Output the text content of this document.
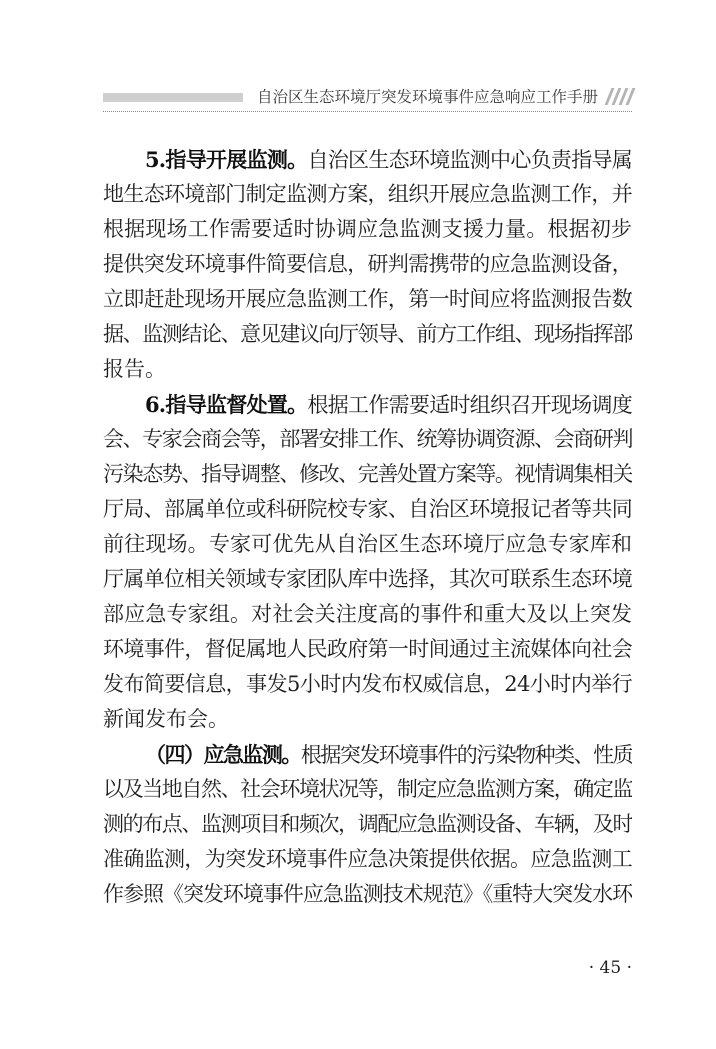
自治区生态环境厅突发环境事件应急响应工作手册
5.指导开展监测。自治区生态环境监测中心负责指导属
地生态环境部门制定监测方案，组织开展应急监测工作，并
根据现场工作需要适时协调应急监测支援力量。根据初步
提供突发环境事件简要信息，研判需携带的应急监测设备，
立即赶赴现场开展应急监测工作，第一时间应将监测报告数
据、监测结论、意见建议向厅领导、前方工作组、现场指挥部
报告。
6.指导监督处置。根据工作需要适时组织召开现场调度
会、专家会商会等，部署安排工作、统筹协调资源、会商研判
污染态势、指导调整、修改、完善处置方案等。视情调集相关
厅局、部属单位或科研院校专家、自治区环境报记者等共同
前往现场。专家可优先从自治区生态环境厅应急专家库和
厅属单位相关领域专家团队库中选择，其次可联系生态环境
部应急专家组。对社会关注度高的事件和重大及以上突发
环境事件，督促属地人民政府第一时间通过主流媒体向社会
发布简要信息，事发5小时内发布权威信息，24小时内举行
新闻发布会。
（四）应急监测。根据突发环境事件的污染物种类、性质
以及当地自然、社会环境状况等，制定应急监测方案，确定监
测的布点、监测项目和频次，调配应急监测设备、车辆，及时
准确监测，为突发环境事件应急决策提供依据。应急监测工
作参照《突发环境事件应急监测技术规范》《重特大突发水环
· 45 ·
